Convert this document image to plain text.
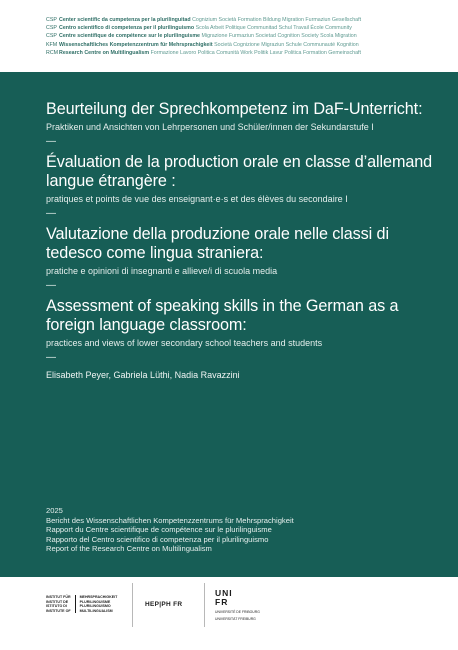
CSP Center scientific da cumpetenza per la plurilinguitad Cognizium Società Formation Bildung Migration Furmaziun Gesellschaft
CSP Centro scientifico di competenza per il plurilinguismo Scola Arbeit Politique Communitad Schul Travail École Community
CSP Centre scientifique de compétence sur le plurilinguisme Migrazione Furmaziun Societad Cognition Society Scola Migration
KFM Wissenschaftliches Kompetenzzentrum für Mehrsprachigkeit Società Cognizione Migraziun Schule Communauté Kognition
RCMResearch Centre on Multilingualism Formazione Lavoro Politica Comunità Work Politik Lavur Politica Formation Gemeinschaft
Beurteilung der Sprechkompetenz im DaF-Unterricht:

Praktiken und Ansichten von Lehrpersonen und Schüler/innen der Sekundarstufe I

—
Évaluation de la production orale en classe d’allemand langue étrangère :

pratiques et points de vue des enseignant·e·s et des élèves du secondaire I

—
Valutazione della produzione orale nelle classi di tedesco come lingua straniera:

pratiche e opinioni di insegnanti e allieve/i di scuola media

—
Assessment of speaking skills in the German as a foreign language classroom:

practices and views of lower secondary school teachers and students

—
Elisabeth Peyer, Gabriela Lüthi, Nadia Ravazzini
2025
Bericht des Wissenschaftlichen Kompetenzzentrums für Mehrsprachigkeit
Rapport du Centre scientifique de compétence sur le plurilinguisme
Rapporto del Centro scientifico di competenza per il plurilinguismo
Report of the Research Centre on Multilingualism
INSTITUT FÜR
INSTITUT DE
ISTITUTO DI
INSTITUTE OF
MEHRSPRACHIGKEIT
PLURILINGUISME
PLURILINGUISMO
MULTILINGUALISM
HEP|PH FR
UNI
FR
UNIVERSITÉ DE FRIBOURG
UNIVERSITÄT FREIBURG
